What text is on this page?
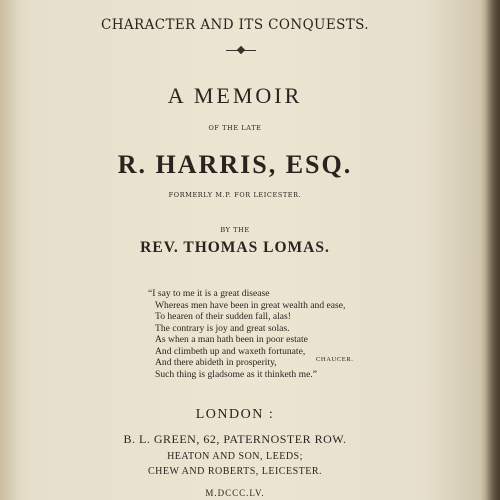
CHARACTER AND ITS CONQUESTS.
A MEMOIR
OF THE LATE
R. HARRIS, ESQ.
FORMERLY M.P. FOR LEICESTER.
BY THE
REV. THOMAS LOMAS.
“I say to me it is a great disease
Whereas men have been in great wealth and ease,
To hearen of their sudden fall, alas!
The contrary is joy and great solas.
As when a man hath been in poor estate
And climbeth up and waxeth fortunate,
And there abideth in prosperity,
Such thing is gladsome as it thinketh me.”
CHAUCER.
LONDON :
B. L. GREEN, 62, PATERNOSTER ROW.
HEATON AND SON, LEEDS;
CHEW AND ROBERTS, LEICESTER.
M.DCCC.LV.
